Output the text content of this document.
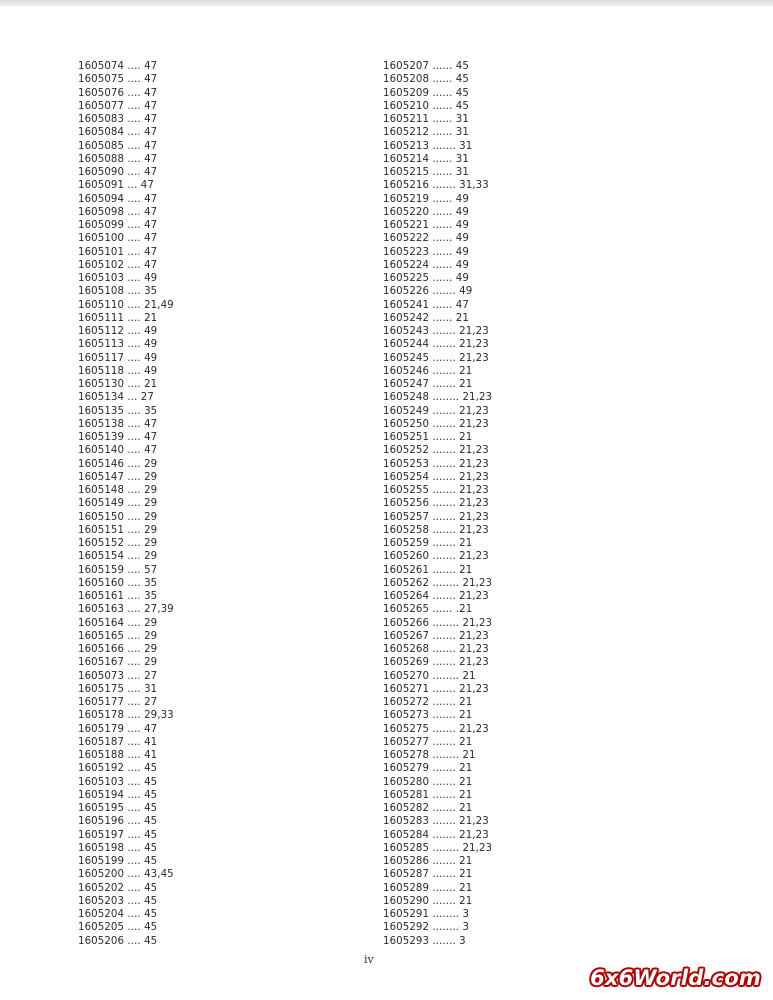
1605074 .... 47
1605075 .... 47
1605076 .... 47
1605077 .... 47
1605083 .... 47
1605084 .... 47
1605085 .... 47
1605088 .... 47
1605090 .... 47
1605091 ... 47
1605094 .... 47
1605098 .... 47
1605099 .... 47
1605100 .... 47
1605101 .... 47
1605102 .... 47
1605103 .... 49
1605108 .... 35
1605110 .... 21,49
1605111 .... 21
1605112 .... 49
1605113 .... 49
1605117 .... 49
1605118 .... 49
1605130 .... 21
1605134 ... 27
1605135 .... 35
1605138 .... 47
1605139 .... 47
1605140 .... 47
1605146 .... 29
1605147 .... 29
1605148 .... 29
1605149 .... 29
1605150 .... 29
1605151 .... 29
1605152 .... 29
1605154 .... 29
1605159 .... 57
1605160 .... 35
1605161 .... 35
1605163 .... 27,39
1605164 .... 29
1605165 .... 29
1605166 .... 29
1605167 .... 29
1605073 .... 27
1605175 .... 31
1605177 .... 27
1605178 .... 29,33
1605179 .... 47
1605187 .... 41
1605188 .... 41
1605192 .... 45
1605103 .... 45
1605194 .... 45
1605195 .... 45
1605196 .... 45
1605197 .... 45
1605198 .... 45
1605199 .... 45
1605200 .... 43,45
1605202 .... 45
1605203 .... 45
1605204 .... 45
1605205 .... 45
1605206 .... 45
1605207 ...... 45
1605208 ...... 45
1605209 ...... 45
1605210 ...... 45
1605211 ...... 31
1605212 ...... 31
1605213 ....... 31
1605214 ...... 31
1605215 ...... 31
1605216 ....... 31,33
1605219 ...... 49
1605220 ...... 49
1605221 ...... 49
1605222 ...... 49
1605223 ...... 49
1605224 ...... 49
1605225 ...... 49
1605226 ....... 49
1605241 ...... 47
1605242 ...... 21
1605243 ....... 21,23
1605244 ....... 21,23
1605245 ....... 21,23
1605246 ....... 21
1605247 ....... 21
1605248 ........ 21,23
1605249 ....... 21,23
1605250 ....... 21,23
1605251 ....... 21
1605252 ....... 21,23
1605253 ....... 21,23
1605254 ....... 21,23
1605255 ....... 21,23
1605256 ....... 21,23
1605257 ....... 21,23
1605258 ....... 21,23
1605259 ....... 21
1605260 ....... 21,23
1605261 ....... 21
1605262 ........ 21,23
1605264 ....... 21,23
1605265 ...... .21
1605266 ........ 21,23
1605267 ....... 21,23
1605268 ....... 21,23
1605269 ....... 21,23
1605270 ........ 21
1605271 ....... 21,23
1605272 ....... 21
1605273 ....... 21
1605275 ....... 21,23
1605277 ....... 21
1605278 ........ 21
1605279 ....... 21
1605280 ....... 21
1605281 ....... 21
1605282 ....... 21
1605283 ....... 21,23
1605284 ....... 21,23
1605285 ........ 21,23
1605286 ....... 21
1605287 ....... 21
1605289 ....... 21
1605290 ....... 21
1605291 ........ 3
1605292 ........ 3
1605293 ....... 3
iv
6x6World.com
